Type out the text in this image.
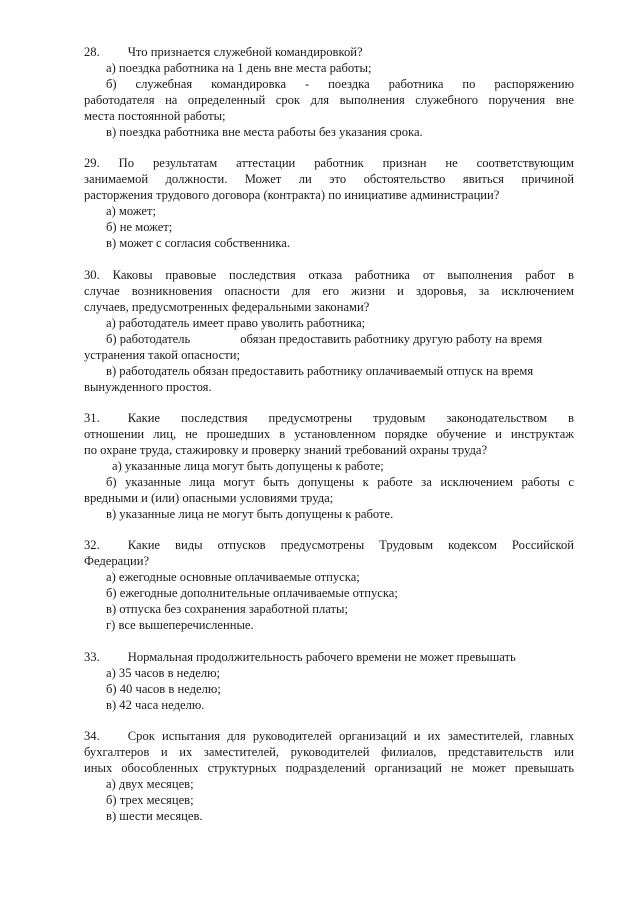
28. Что признается служебной командировкой?
а) поездка работника на 1 день вне места работы;
б) служебная командировка - поездка работника по распоряжению
работодателя на определенный срок для выполнения служебного поручения вне
места постоянной работы;
в) поездка работника вне места работы без указания срока.
29. По результатам аттестации работник признан не соответствующим
занимаемой должности. Может ли это обстоятельство явиться причиной
расторжения трудового договора (контракта) по инициативе администрации?
а) может;
б) не может;
в) может с согласия собственника.
30. Каковы правовые последствия отказа работника от выполнения работ в
случае возникновения опасности для его жизни и здоровья, за исключением
случаев, предусмотренных федеральными законами?
а) работодатель имеет право уволить работника;
б) работодатель	обязан предоставить работнику другую работу на время
устранения такой опасности;
в) работодатель обязан предоставить работнику оплачиваемый отпуск на время
вынужденного простоя.
31. Какие последствия предусмотрены трудовым законодательством в
отношении лиц, не прошедших в установленном порядке обучение и инструктаж
по охране труда, стажировку и проверку знаний требований охраны труда?
а) указанные лица могут быть допущены к работе;
б) указанные лица могут быть допущены к работе за исключением работы с
вредными и (или) опасными условиями труда;
в) указанные лица не могут быть допущены к работе.
32. Какие виды отпусков предусмотрены Трудовым кодексом Российской
Федерации?
а) ежегодные основные оплачиваемые отпуска;
б) ежегодные дополнительные оплачиваемые отпуска;
в) отпуска без сохранения заработной платы;
г) все вышеперечисленные.
33. Нормальная продолжительность рабочего времени не может превышать
а) 35 часов в неделю;
б) 40 часов в неделю;
в) 42 часа неделю.
34. Срок испытания для руководителей организаций и их заместителей, главных
бухгалтеров и их заместителей, руководителей филиалов, представительств или
иных обособленных структурных подразделений организаций не может превышать
а) двух месяцев;
б) трех месяцев;
в) шести месяцев.
